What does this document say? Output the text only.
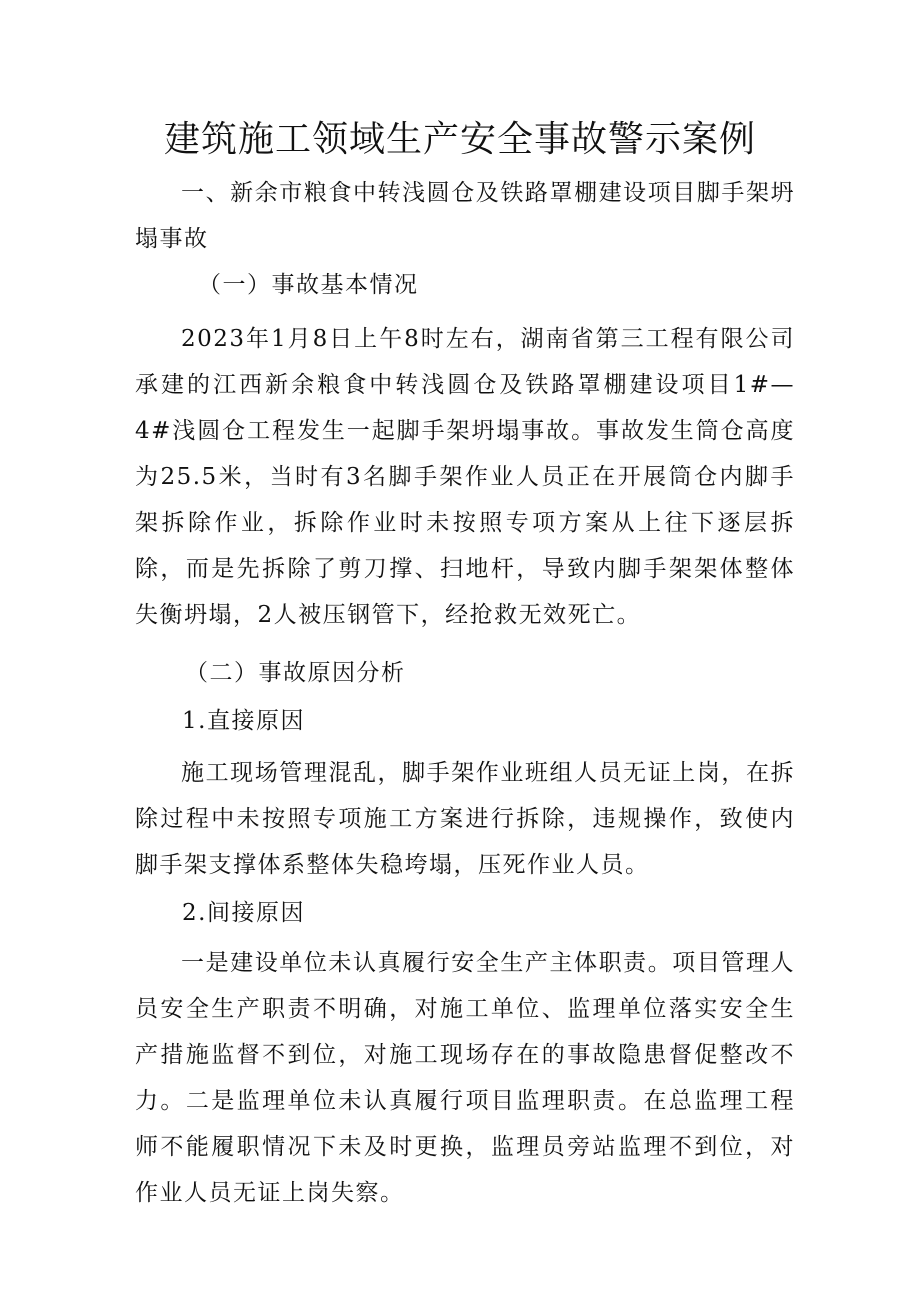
建筑施工领域生产安全事故警示案例

一、新余市粮食中转浅圆仓及铁路罩棚建设项目脚手架坍塌事故

（一）事故基本情况

2023年1月8日上午8时左右，湖南省第三工程有限公司承建的江西新余粮食中转浅圆仓及铁路罩棚建设项目1#—4#浅圆仓工程发生一起脚手架坍塌事故。事故发生筒仓高度为25.5米，当时有3名脚手架作业人员正在开展筒仓内脚手架拆除作业，拆除作业时未按照专项方案从上往下逐层拆除，而是先拆除了剪刀撑、扫地杆，导致内脚手架架体整体失衡坍塌，2人被压钢管下，经抢救无效死亡。

（二）事故原因分析
1.直接原因

施工现场管理混乱，脚手架作业班组人员无证上岗，在拆除过程中未按照专项施工方案进行拆除，违规操作，致使内脚手架支撑体系整体失稳垮塌，压死作业人员。

2.间接原因

一是建设单位未认真履行安全生产主体职责。项目管理人员安全生产职责不明确，对施工单位、监理单位落实安全生产措施监督不到位，对施工现场存在的事故隐患督促整改不力。二是监理单位未认真履行项目监理职责。在总监理工程师不能履职情况下未及时更换，监理员旁站监理不到位，对作业人员无证上岗失察。
